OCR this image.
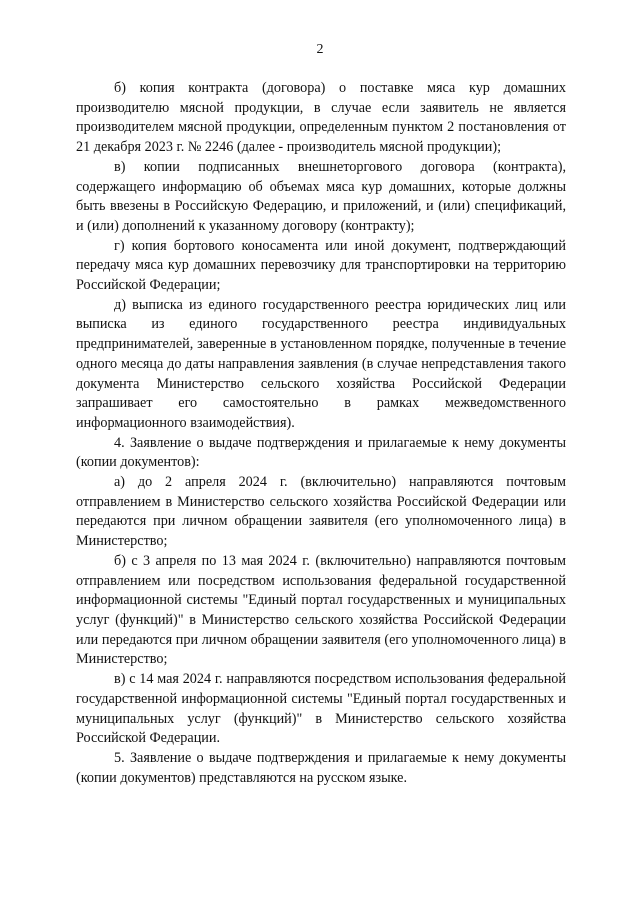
2

б) копия контракта (договора) о поставке мяса кур домашних производителю мясной продукции, в случае если заявитель не является производителем мясной продукции, определенным пунктом 2 постановления от 21 декабря 2023 г. № 2246 (далее - производитель мясной продукции);

в) копии подписанных внешнеторгового договора (контракта), содержащего информацию об объемах мяса кур домашних, которые должны быть ввезены в Российскую Федерацию, и приложений, и (или) спецификаций, и (или) дополнений к указанному договору (контракту);

г) копия бортового коносамента или иной документ, подтверждающий передачу мяса кур домашних перевозчику для транспортировки на территорию Российской Федерации;

д) выписка из единого государственного реестра юридических лиц или выписка из единого государственного реестра индивидуальных предпринимателей, заверенные в установленном порядке, полученные в течение одного месяца до даты направления заявления (в случае непредставления такого документа Министерство сельского хозяйства Российской Федерации запрашивает его самостоятельно в рамках межведомственного информационного взаимодействия).

4. Заявление о выдаче подтверждения и прилагаемые к нему документы (копии документов):

а) до 2 апреля 2024 г. (включительно) направляются почтовым отправлением в Министерство сельского хозяйства Российской Федерации или передаются при личном обращении заявителя (его уполномоченного лица) в Министерство;

б) с 3 апреля по 13 мая 2024 г. (включительно) направляются почтовым отправлением или посредством использования федеральной государственной информационной системы "Единый портал государственных и муниципальных услуг (функций)" в Министерство сельского хозяйства Российской Федерации или передаются при личном обращении заявителя (его уполномоченного лица) в Министерство;

в) с 14 мая 2024 г. направляются посредством использования федеральной государственной информационной системы "Единый портал государственных и муниципальных услуг (функций)" в Министерство сельского хозяйства Российской Федерации.

5. Заявление о выдаче подтверждения и прилагаемые к нему документы (копии документов) представляются на русском языке.
